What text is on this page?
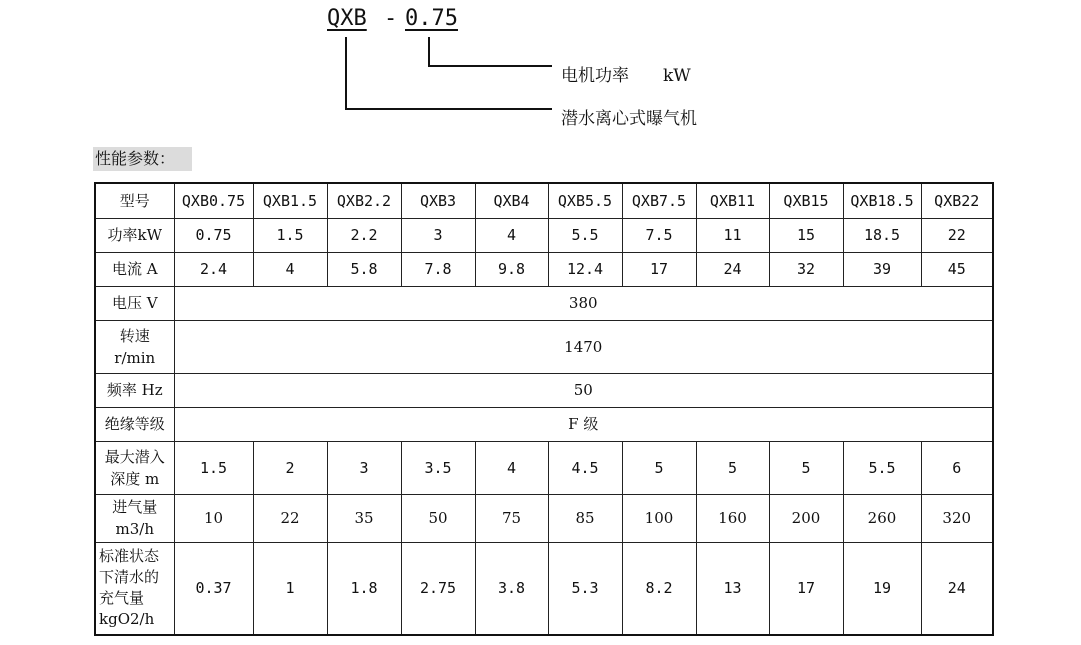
QXB - 0.75
电机功率　　kW
潜水离心式曝气机
性能参数：
型号	QXB0.75	QXB1.5	QXB2.2	QXB3	QXB4	QXB5.5	QXB7.5	QXB11	QXB15	QXB18.5	QXB22
功率kW	0.75	1.5	2.2	3	4	5.5	7.5	11	15	18.5	22
电流 A	2.4	4	5.8	7.8	9.8	12.4	17	24	32	39	45
电压 V	380										

转速
r/min	1470										
频率 Hz	50										
绝缘等级	F 级										

最大潜入
深度 m	1.5	2	3	3.5	4	4.5	5	5	5	5.5	6

进气量
m3/h	10	22	35	50	75	85	100	160	200	260	320

标准状态
下清水的
充气量
kgO2/h	0.37	1	1.8	2.75	3.8	5.3	8.2	13	17	19	24
